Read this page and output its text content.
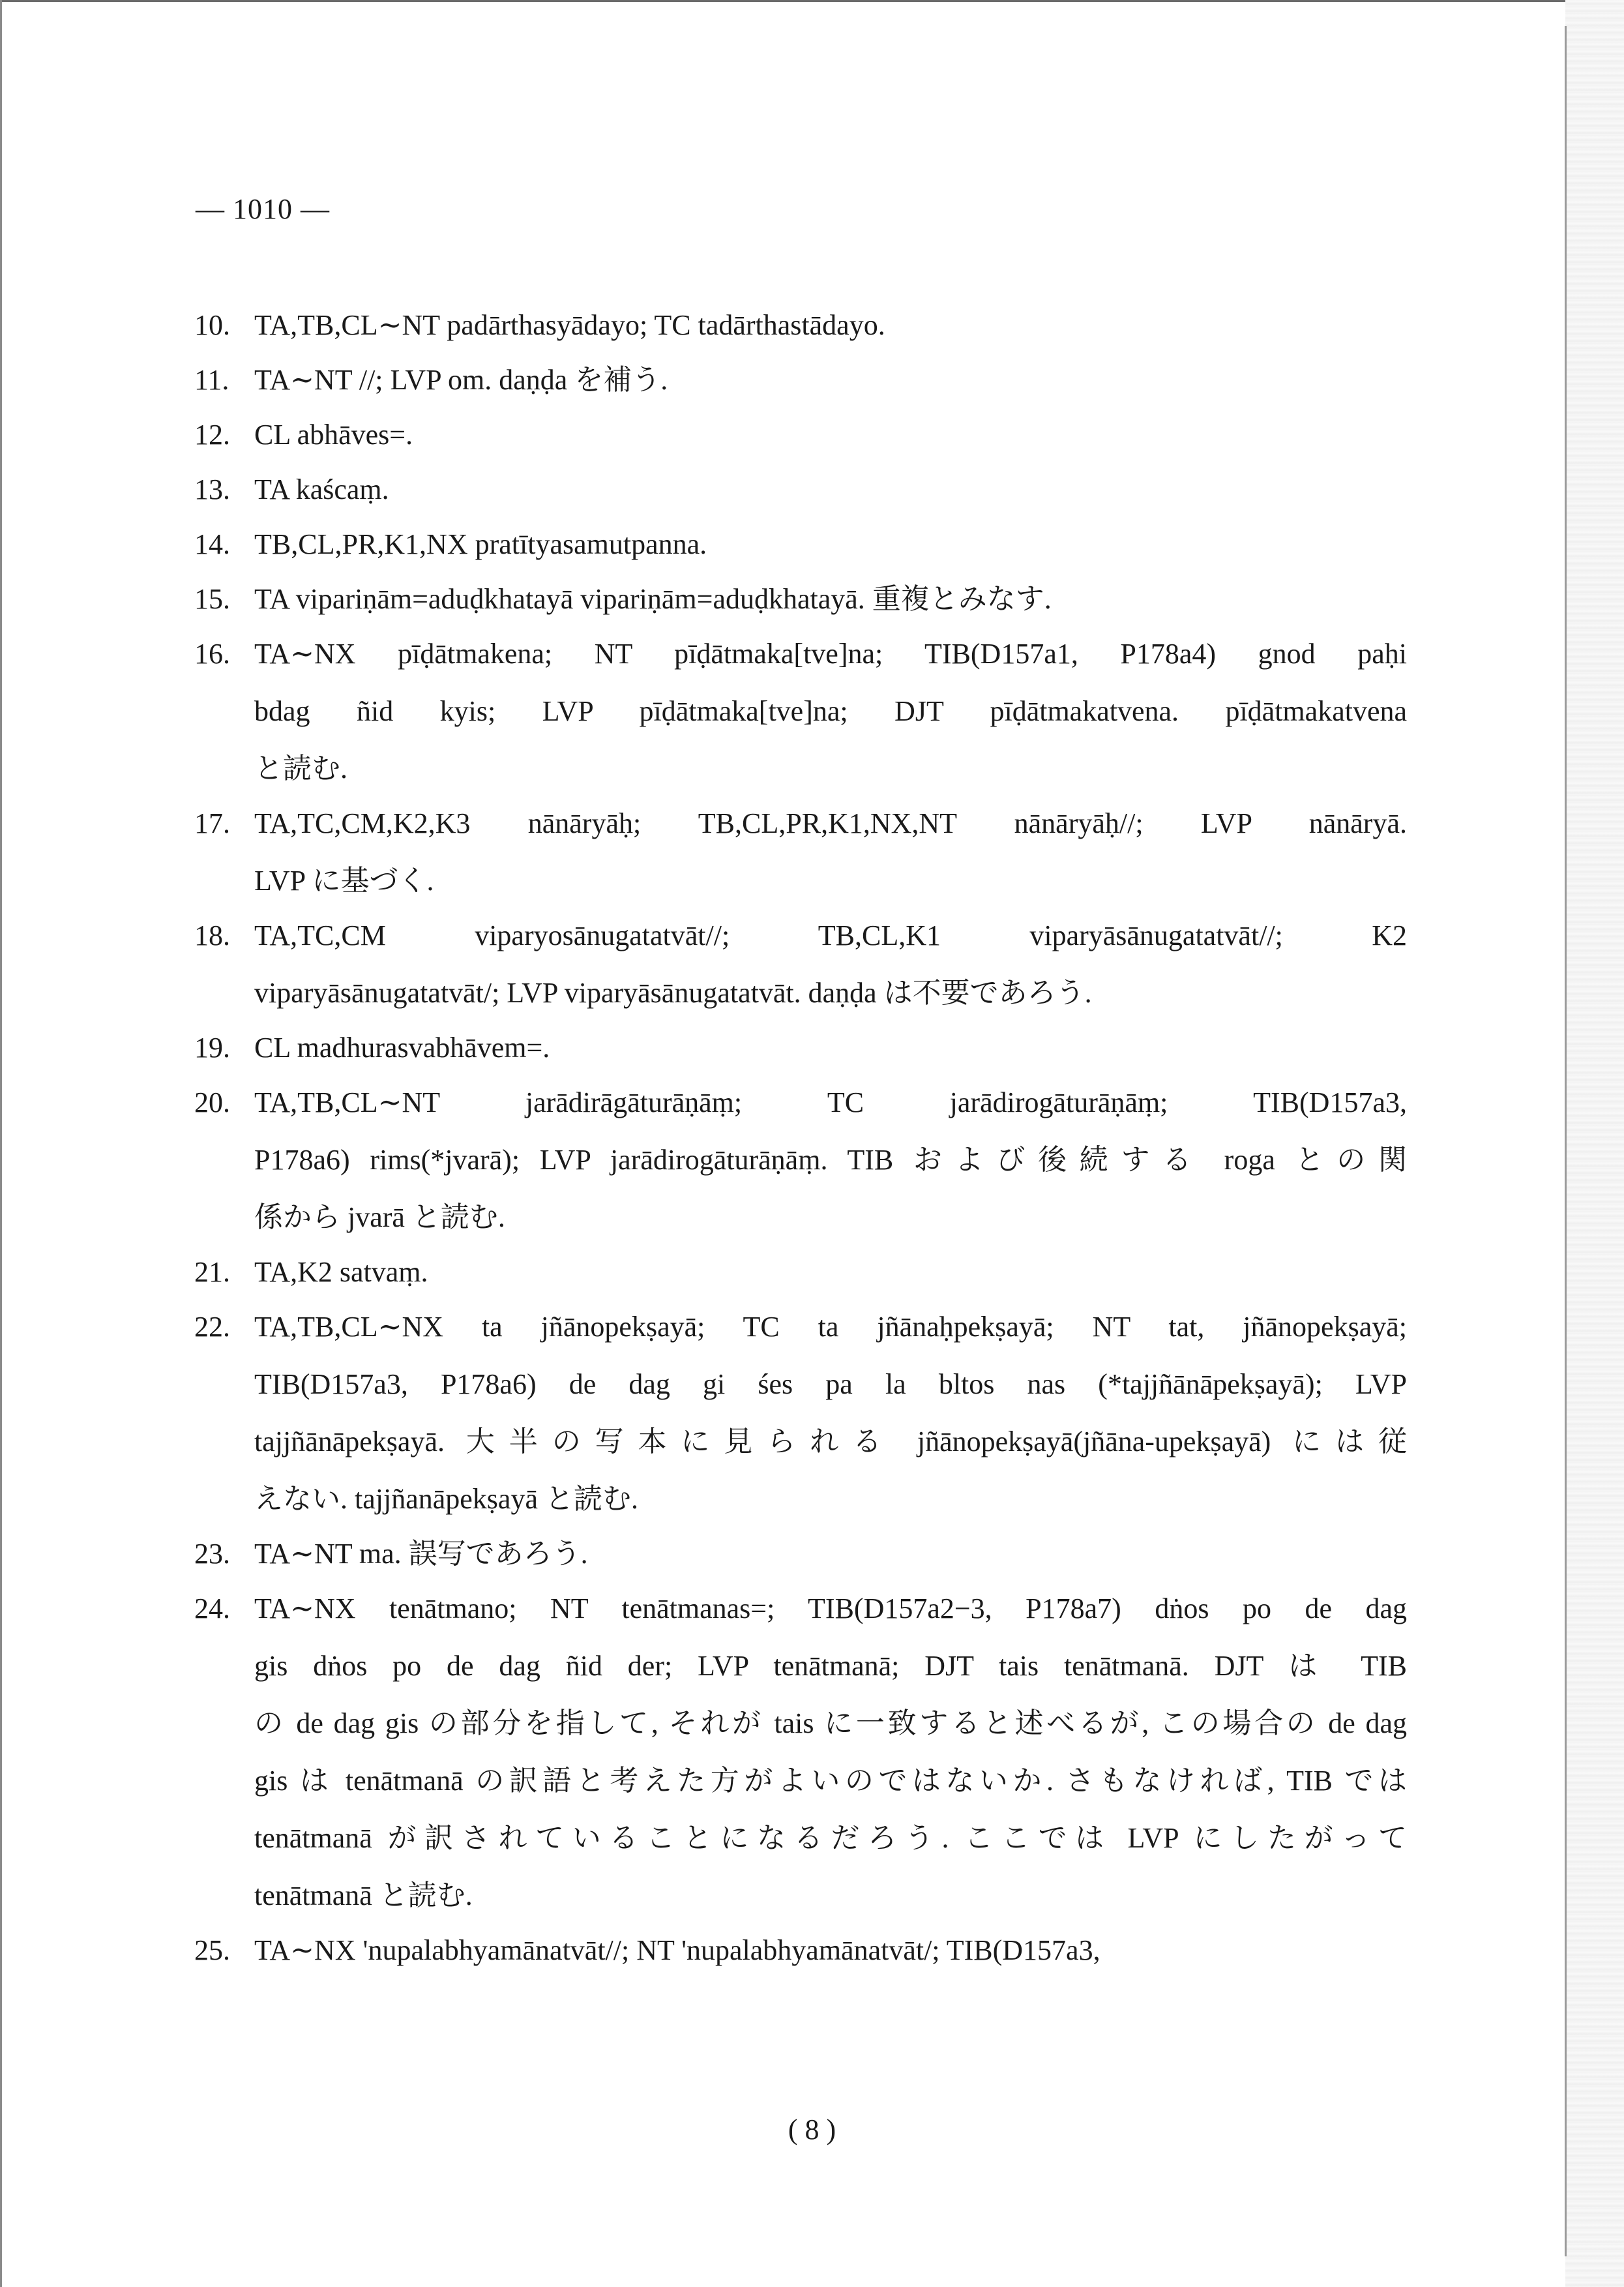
— 1010 —
10. TA,TB,CL∼NT padārthasyādayo; TC tadārthastādayo.
11. TA∼NT //; LVP om. daṇḍa を補う.
12. CL abhāves=.
13. TA kaścaṃ.
14. TB,CL,PR,K1,NX pratītyasamutpanna.
15. TA vipariṇām=aduḍkhatayā vipariṇām=aduḍkhatayā. 重複とみなす.
16. TA∼NX pīḍātmakena; NT pīḍātmaka[tve]na; TIB(D157a1, P178a4) gnod paḥi
bdag ñid kyis; LVP pīḍātmaka[tve]na; DJT pīḍātmakatvena. pīḍātmakatvena
と読む.
17. TA,TC,CM,K2,K3 nānāryāḥ; TB,CL,PR,K1,NX,NT nānāryāḥ//; LVP nānāryā.
LVP に基づく.
18. TA,TC,CM viparyosānugatatvāt//; TB,CL,K1 viparyāsānugatatvāt//; K2
viparyāsānugatatvāt/; LVP viparyāsānugatatvāt. daṇḍa は不要であろう.
19. CL madhurasvabhāvem=.
20. TA,TB,CL∼NT jarādirāgāturāṇāṃ; TC jarādirogāturāṇāṃ; TIB(D157a3,
P178a6) rims(*jvarā); LVP jarādirogāturāṇāṃ. TIB および後続する roga との関
係から jvarā と読む.
21. TA,K2 satvaṃ.
22. TA,TB,CL∼NX ta jñānopekṣayā; TC ta jñānaḥpekṣayā; NT tat, jñānopekṣayā;
TIB(D157a3, P178a6) de dag gi śes pa la bltos nas (*tajjñānāpekṣayā); LVP
tajjñānāpekṣayā. 大半の写本に見られる jñānopekṣayā(jñāna-upekṣayā) には従
えない. tajjñanāpekṣayā と読む.
23. TA∼NT ma. 誤写であろう.
24. TA∼NX tenātmano; NT tenātmanas=; TIB(D157a2−3, P178a7) dṅos po de dag
gis dṅos po de dag ñid der; LVP tenātmanā; DJT tais tenātmanā. DJT は TIB
の de dag gis の部分を指して, それが tais に一致すると述べるが, この場合の de dag
gis は tenātmanā の訳語と考えた方がよいのではないか. さもなければ, TIB では
tenātmanā が訳されていることになるだろう. ここでは LVP にしたがって
tenātmanā と読む.
25. TA∼NX 'nupalabhyamānatvāt//; NT 'nupalabhyamānatvāt/; TIB(D157a3,
( 8 )
